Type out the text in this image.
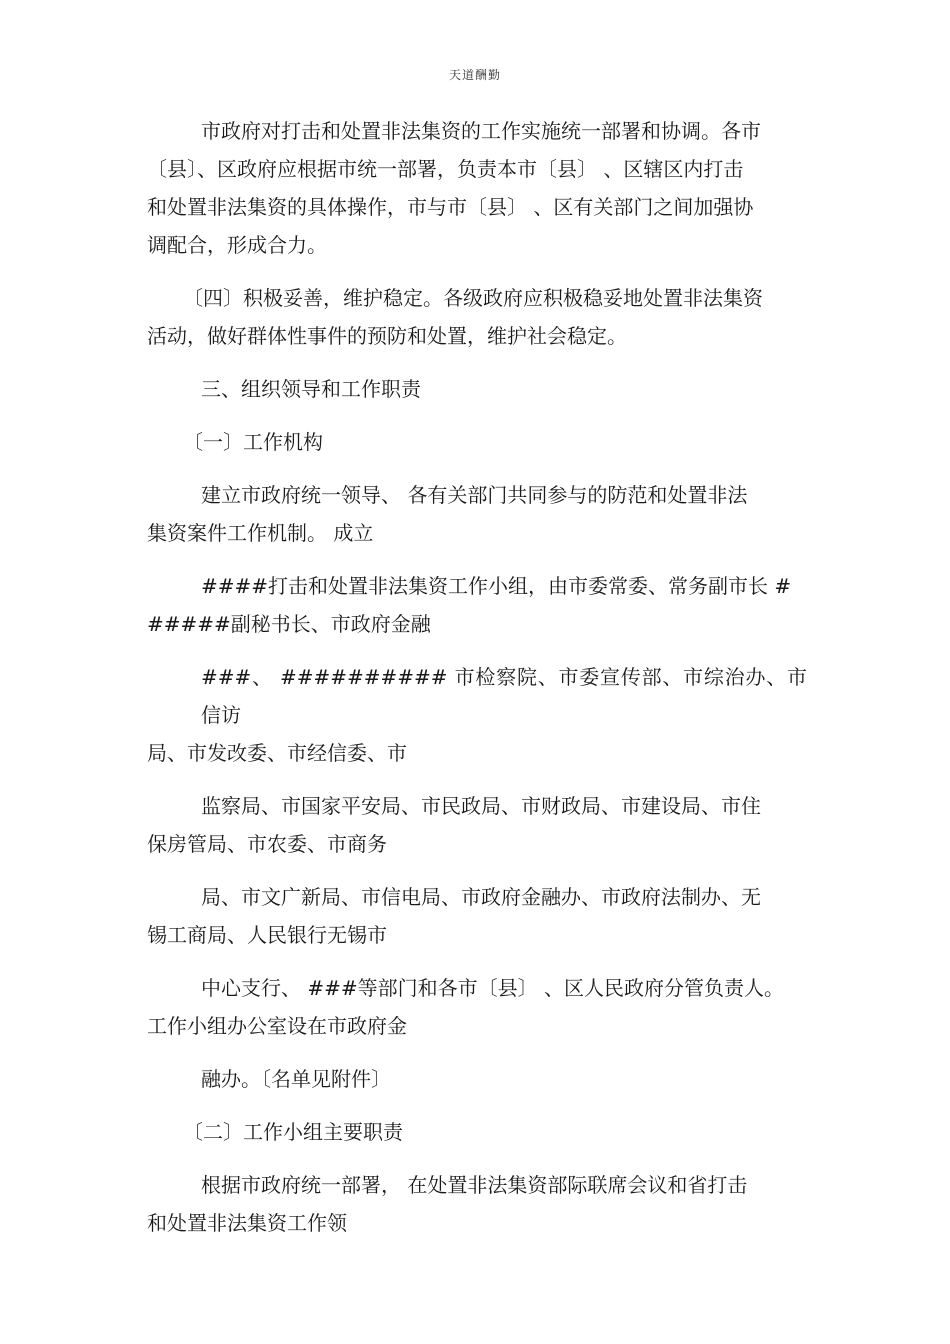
天道酬勤

市政府对打击和处置非法集资的工作实施统一部署和协调。各市
〔县〕、区政府应根据市统一部署，负责本市〔县〕 、区辖区内打击
和处置非法集资的具体操作，市与市〔县〕 、区有关部门之间加强协
调配合，形成合力。

〔四〕积极妥善，维护稳定。各级政府应积极稳妥地处置非法集资
活动，做好群体性事件的预防和处置，维护社会稳定。

三、组织领导和工作职责

〔一〕工作机构

建立市政府统一领导、 各有关部门共同参与的防范和处置非法
集资案件工作机制。 成立

####打击和处置非法集资工作小组，由市委常委、常务副市长 #
#####副秘书长、市政府金融

###、 ########## 市检察院、市委宣传部、市综治办、市信访
局、市发改委、市经信委、市

监察局、市国家平安局、市民政局、市财政局、市建设局、市住
保房管局、市农委、市商务

局、市文广新局、市信电局、市政府金融办、市政府法制办、无
锡工商局、人民银行无锡市

中心支行、 ###等部门和各市〔县〕 、区人民政府分管负责人。
工作小组办公室设在市政府金

融办。〔名单见附件〕

〔二〕工作小组主要职责

根据市政府统一部署， 在处置非法集资部际联席会议和省打击
和处置非法集资工作领
